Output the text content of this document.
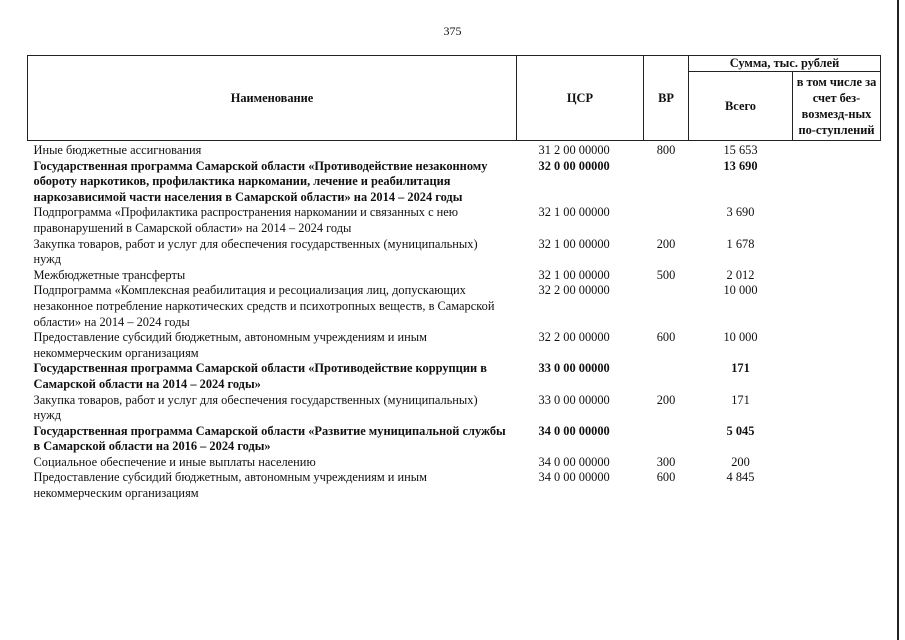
375
Наименование	ЦСР	ВР	Сумма, тыс. рублей	
			Всего	в том числе за счет без-возмезд-ных по-ступлений
Иные бюджетные ассигнования	31 2 00 00000	800	15 653	
Государственная программа Самарской области «Противодействие незаконному обороту наркотиков, профилактика наркомании, лечение и реабилитация наркозависимой части населения в Самарской области» на 2014 – 2024 годы	32 0 00 00000		13 690	
Подпрограмма «Профилактика распространения наркомании и связанных с нею правонарушений в Самарской области» на 2014 – 2024 годы	32 1 00 00000		3 690	
Закупка товаров, работ и услуг для обеспечения государственных (муниципальных) нужд	32 1 00 00000	200	1 678	
Межбюджетные трансферты	32 1 00 00000	500	2 012	
Подпрограмма «Комплексная реабилитация и ресоциализация лиц, допускающих незаконное потребление наркотических средств и психотропных веществ, в Самарской области» на 2014 – 2024 годы	32 2 00 00000		10 000	
Предоставление субсидий бюджетным, автономным учреждениям и иным некоммерческим организациям	32 2 00 00000	600	10 000	
Государственная программа Самарской области «Противодействие коррупции в Самарской области на 2014 – 2024 годы»	33 0 00 00000		171	
Закупка товаров, работ и услуг для обеспечения государственных (муниципальных) нужд	33 0 00 00000	200	171	
Государственная программа Самарской области «Развитие муниципальной службы в Самарской области на 2016 – 2024 годы»	34 0 00 00000		5 045	
Социальное обеспечение и иные выплаты населению	34 0 00 00000	300	200	
Предоставление субсидий бюджетным, автономным учреждениям и иным некоммерческим организациям	34 0 00 00000	600	4 845	
